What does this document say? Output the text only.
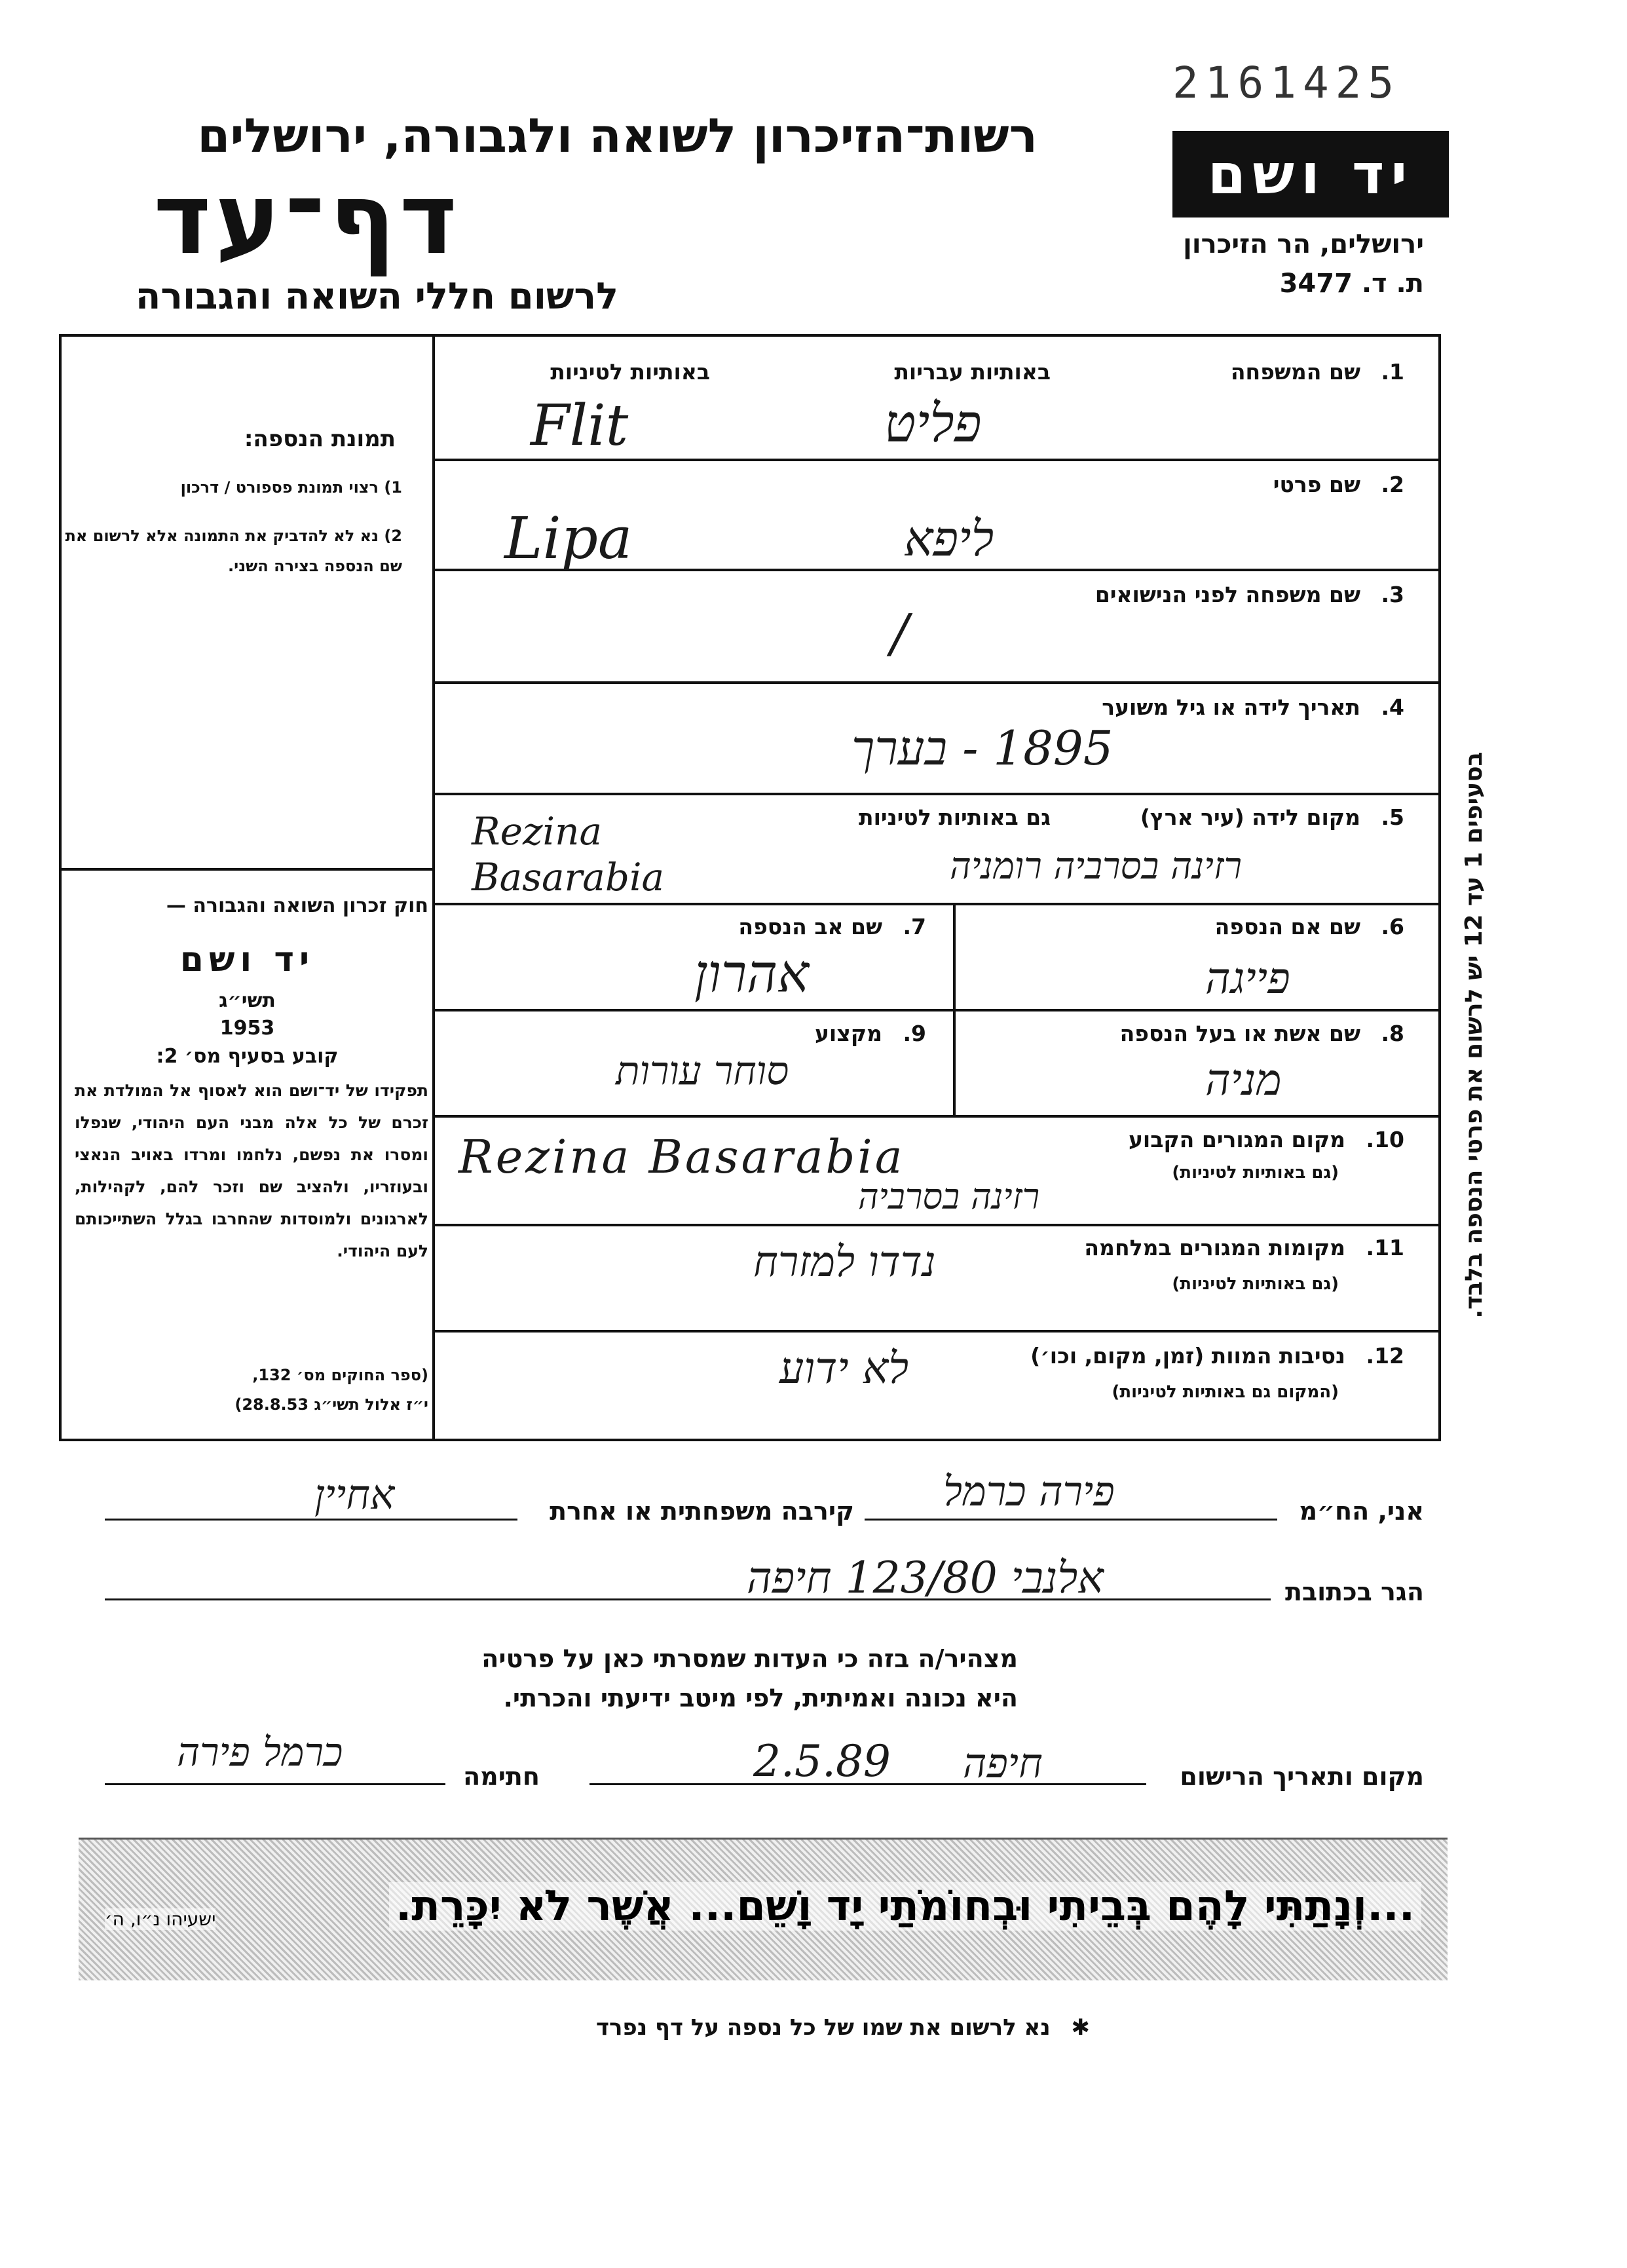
2161425
רשות־הזיכרון לשואה ולגבורה, ירושלים
דף־עד
לרשום חללי השואה והגבורה
יד ושם
ירושלים, הר הזיכרון
ת. ד. 3477
תמונת הנספה:
1) רצוי תמונת פספורט / דרכון
2) נא לא להדביק את התמונה אלא לרשום את שם הנספה בצירה השני.
חוק זכרון השואה והגבורה —
יד ושם
תשי״ג
1953
קובע בסעיף מס׳ 2:
תפקידו של יד־ושם הוא לאסוף אל המולדת את זכרם של כל אלה מבני העם היהודי, שנפלו ומסרו את נפשם, נלחמו ומרדו באויב הנאצי ובעוזריו, ולהציב שם וזכר להם, לקהילות, לארגונים ולמוסדות שהחרבו בגלל השתייכותם לעם היהודי.
(ספר החוקים מס׳ 132,
י״ז אלול תשי״ג 28.8.53)
בסעיפים 1 עד 12 יש לרשום את פרטי הנספה בלבד.
1. שם המשפחה
באותיות עבריות
באותיות לטיניות
Flit	פליט
2. שם פרטי
Lipa	ליפא
3. שם משפחה לפני הנישואים
/
4. תאריך לידה או גיל משוער
1895 - בערך
5. מקום לידה (עיר ארץ)
גם באותיות לטיניות
Rezina
Basarabia	רזינה בסרביה רומניה
6. שם אם הנספה
פייגה
7. שם אב הנספה
אהרון
8. שם אשת או בעל הנספה
מניה
9. מקצוע
סוחר עורות
10. מקום המגורים הקבוע
(גם באותיות לטיניות)
Rezina Basarabia
רזינה בסרביה
11. מקומות המגורים במלחמה
(גם באותיות לטיניות)
נדדו למזרח
12. נסיבות המוות (זמן, מקום, וכו׳)
(המקום גם באותיות לטיניות)
לא ידוע
אני, הח״מ
פירה כרמל
קירבה משפחתית או אחרת
אחיין
הגר בכתובת
אלנבי 123/80 חיפה
מצהיר/ה בזה כי העדות שמסרתי כאן על פרטיה
היא נכונה ואמיתית, לפי מיטב ידיעתי והכרתי.
מקום ותאריך הרישום
חיפה
2.5.89
חתימה
כרמל פירה
...וְנָתַתִּי לָהֶם בְּבֵיתִי וּבְחוֹמֹתַי יָד וָשֵׁם... אֲשֶׁר לֹא יִכָּרֵת.
ישעיהו נ״ו, ה׳
✱ נא לרשום את שמו של כל נספה על דף נפרד
